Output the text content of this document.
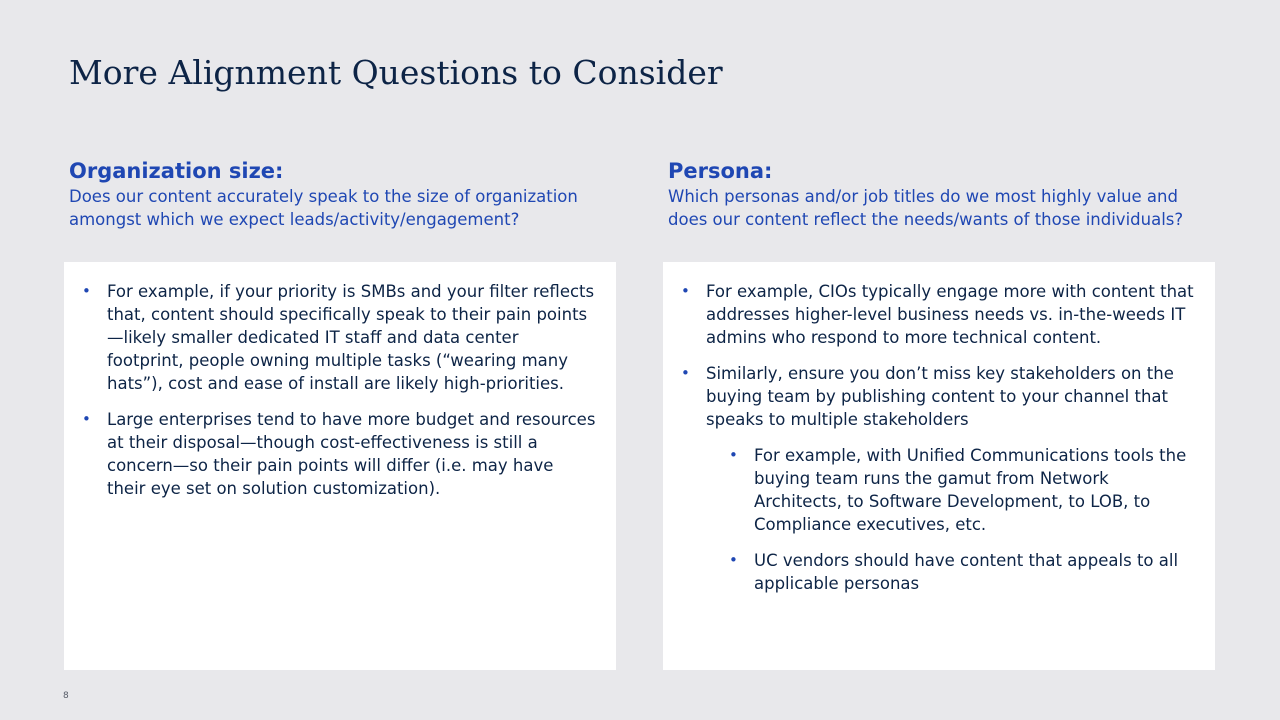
More Alignment Questions to Consider
Organization size:

Does our content accurately speak to the size of organization amongst which we expect leads/activity/engagement?

• For example, if your priority is SMBs and your filter reflects that, content should specifically speak to their pain points—likely smaller dedicated IT staff and data center footprint, people owning multiple tasks (“wearing many hats”), cost and ease of install are likely high-priorities.
• Large enterprises tend to have more budget and resources at their disposal—though cost-effectiveness is still a concern—so their pain points will differ (i.e. may have their eye set on solution customization).
Persona:

Which personas and/or job titles do we most highly value and does our content reflect the needs/wants of those individuals?

• For example, CIOs typically engage more with content that addresses higher-level business needs vs. in-the-weeds IT admins who respond to more technical content.
• Similarly, ensure you don’t miss key stakeholders on the buying team by publishing content to your channel that speaks to multiple stakeholders
• For example, with Unified Communications tools the buying team runs the gamut from Network Architects, to Software Development, to LOB, to Compliance executives, etc.
• UC vendors should have content that appeals to all applicable personas
8
